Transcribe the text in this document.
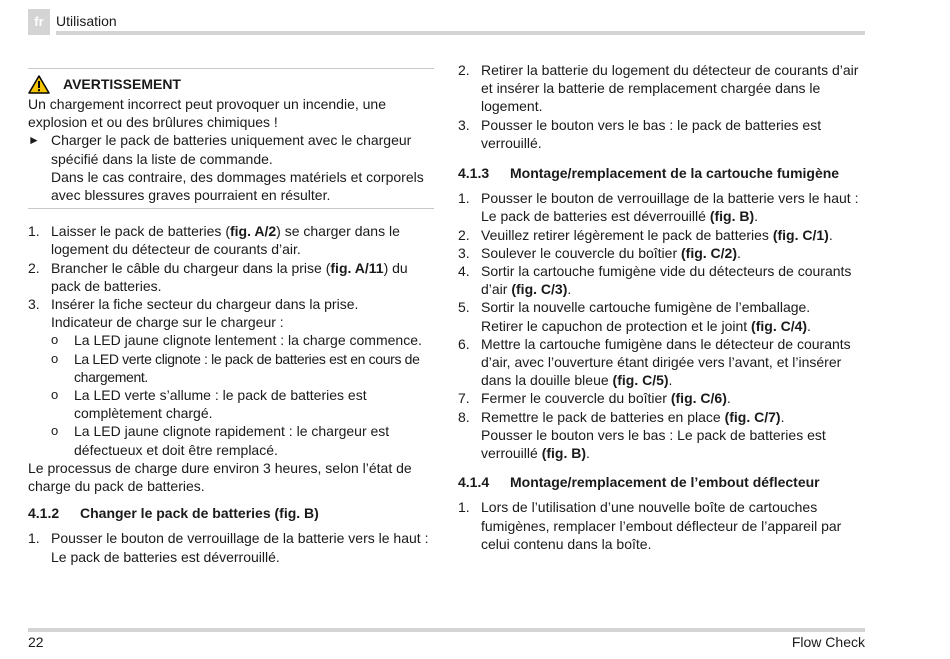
fr Utilisation
AVERTISSEMENT
Un chargement incorrect peut provoquer un incendie, une explosion et ou des brûlures chimiques !
► Charger le pack de batteries uniquement avec le chargeur spécifié dans la liste de commande.
Dans le cas contraire, des dommages matériels et corporels avec blessures graves pourraient en résulter.
1. Laisser le pack de batteries (fig. A/2) se charger dans le logement du détecteur de courants d’air.
2. Brancher le câble du chargeur dans la prise (fig. A/11) du pack de batteries.
3. Insérer la fiche secteur du chargeur dans la prise.
Indicateur de charge sur le chargeur :
o	La LED jaune clignote lentement : la charge commence.
o	La LED verte clignote : le pack de batteries est en cours de chargement.
o	La LED verte s’allume : le pack de batteries est complètement chargé.
o	La LED jaune clignote rapidement : le chargeur est défectueux et doit être remplacé.
Le processus de charge dure environ 3 heures, selon l’état de charge du pack de batteries.
4.1.2	Changer le pack de batteries (fig. B)
1. Pousser le bouton de verrouillage de la batterie vers le haut :
Le pack de batteries est déverrouillé.
2. Retirer la batterie du logement du détecteur de courants d’air et insérer la batterie de remplacement chargée dans le logement.
3. Pousser le bouton vers le bas : le pack de batteries est verrouillé.
4.1.3	Montage/remplacement de la cartouche fumigène
1. Pousser le bouton de verrouillage de la batterie vers le haut :
Le pack de batteries est déverrouillé (fig. B).
2. Veuillez retirer légèrement le pack de batteries (fig. C/1).
3. Soulever le couvercle du boîtier (fig. C/2).
4. Sortir la cartouche fumigène vide du détecteurs de courants d’air (fig. C/3).
5. Sortir la nouvelle cartouche fumigène de l’emballage.
Retirer le capuchon de protection et le joint (fig. C/4).
6. Mettre la cartouche fumigène dans le détecteur de courants d’air, avec l’ouverture étant dirigée vers l’avant, et l’insérer dans la douille bleue (fig. C/5).
7. Fermer le couvercle du boîtier (fig. C/6).
8. Remettre le pack de batteries en place (fig. C/7).
Pousser le bouton vers le bas : Le pack de batteries est verrouillé (fig. B).
4.1.4	Montage/remplacement de l’embout déflecteur
1. Lors de l’utilisation d’une nouvelle boîte de cartouches fumigènes, remplacer l’embout déflecteur de l’appareil par celui contenu dans la boîte.
22	Flow Check
